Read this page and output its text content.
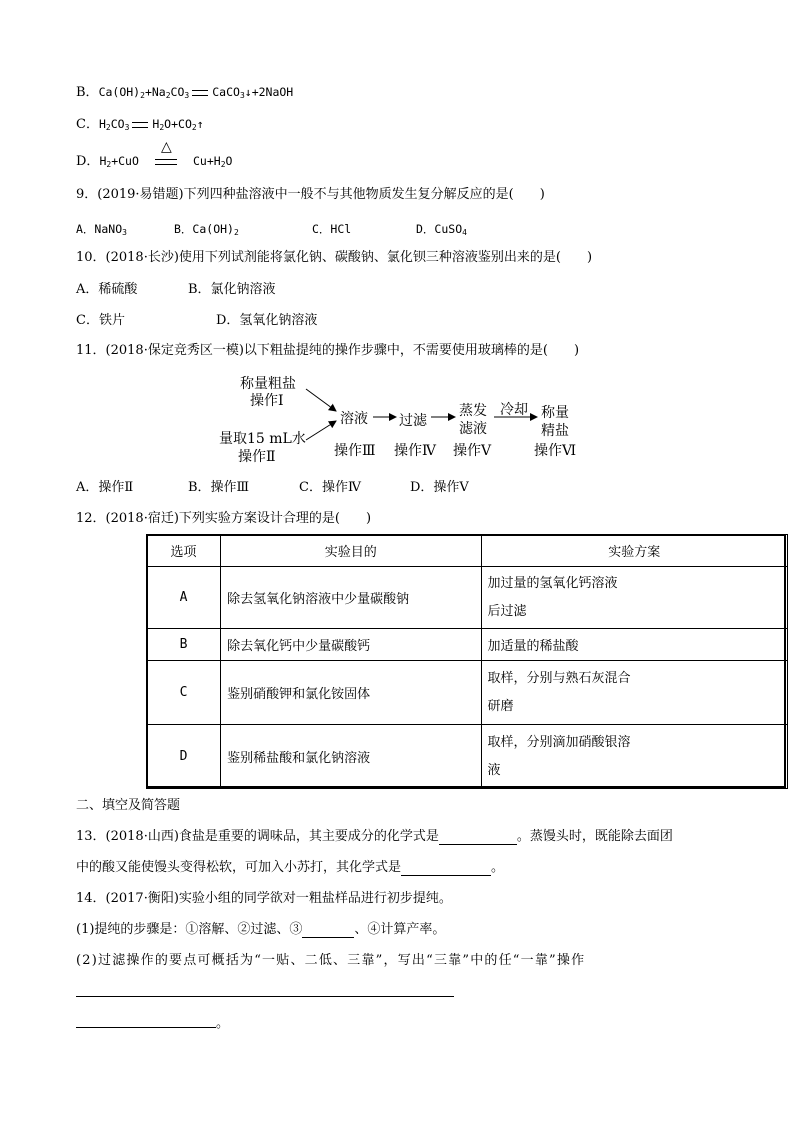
B．$Ca(OH)_2+Na_2CO_3$ CaCO$_3$↓+2NaOH
C．$H_2CO_3$ $H_2O+CO_2↑$
D．$H_2+CuO$
△
$Cu+H_2O$
9．(2019·易错题)下列四种盐溶液中一般不与其他物质发生复分解反应的是(　　)
A．NaNO$_3$	B．$Ca(OH)_2$	C．HCl	D．CuSO$_4$
10．(2018·长沙)使用下列试剂能将氯化钠、碳酸钠、氯化钡三种溶液鉴别出来的是(　　)
A．稀硫酸	B．氯化钠溶液
C．铁片	D．氢氧化钠溶液
11．(2018·保定竞秀区一模)以下粗盐提纯的操作步骤中，不需要使用玻璃棒的是(　　)
称量粗盐
操作Ⅰ
量取15 mL水
操作Ⅱ
溶液
操作Ⅲ
过滤
操作Ⅳ
蒸发
滤液
操作Ⅴ
冷却 称量
精盐
操作Ⅵ
A．操作Ⅱ	B．操作Ⅲ	C．操作Ⅳ	D．操作Ⅴ
12．(2018·宿迁)下列实验方案设计合理的是(　　)
选项	实验目的	实验方案
A	除去氢氧化钠溶液中少量碳酸钠	加过量的氢氧化钙溶液
后过滤
B	除去氧化钙中少量碳酸钙	加适量的稀盐酸
C	鉴别硝酸钾和氯化铵固体	取样，分别与熟石灰混合
研磨
D	鉴别稀盐酸和氯化钠溶液	取样，分别滴加硝酸银溶
液
二、填空及简答题
13．(2018·山西)食盐是重要的调味品，其主要成分的化学式是	。蒸馒头时，既能除去面团
中的酸又能使馒头变得松软，可加入小苏打，其化学式是	。
14．(2017·衡阳)实验小组的同学欲对一粗盐样品进行初步提纯。
(1)提纯的步骤是：①溶解、②过滤、③	、④计算产率。
(2)过滤操作的要点可概括为“一贴、二低、三靠”，写出“三靠”中的任“一靠”操作
。
